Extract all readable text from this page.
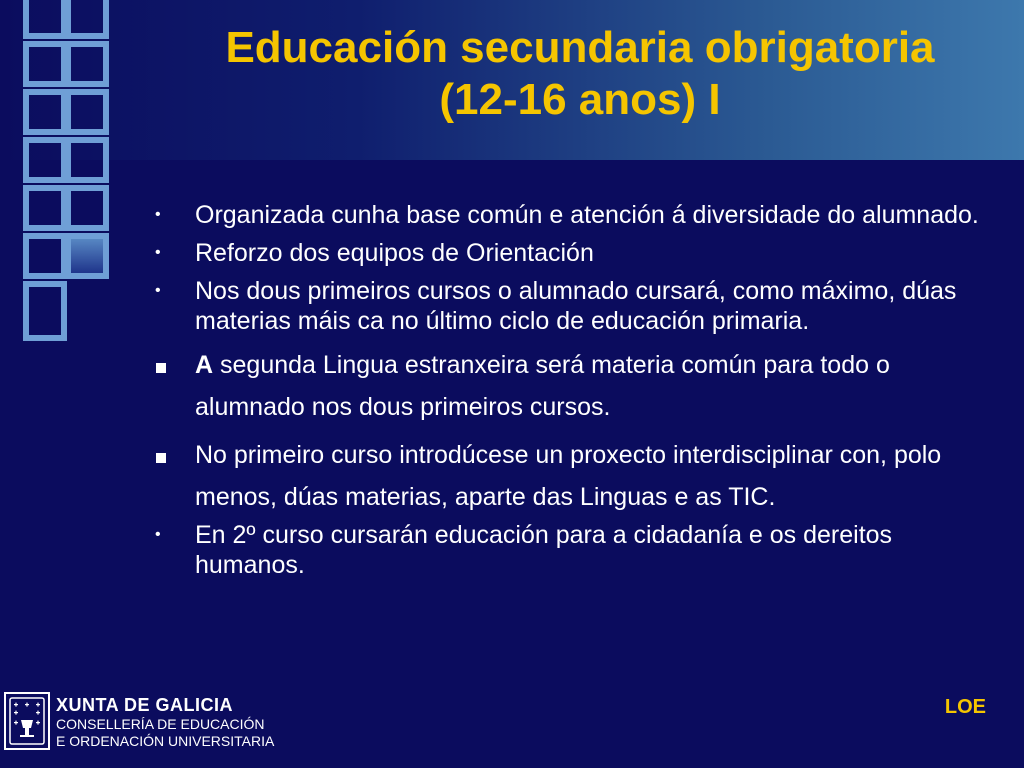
Educación secundaria obrigatoria
(12-16 anos) I
•	Organizada cunha base común e atención á diversidade do alumnado.
•	Reforzo dos equipos de Orientación
•	Nos dous primeiros cursos o alumnado cursará, como máximo, dúas materias máis ca no último ciclo de educación primaria.
A segunda Lingua estranxeira será materia común para todo o alumnado nos dous primeiros cursos.
No primeiro curso introdúcese un proxecto interdisciplinar con, polo menos, dúas materias, aparte das Linguas e as TIC.
•	En 2º curso cursarán educación para a cidadanía e os dereitos humanos.
XUNTA DE GALICIA
CONSELLERÍA DE EDUCACIÓN
E ORDENACIÓN UNIVERSITARIA
LOE
